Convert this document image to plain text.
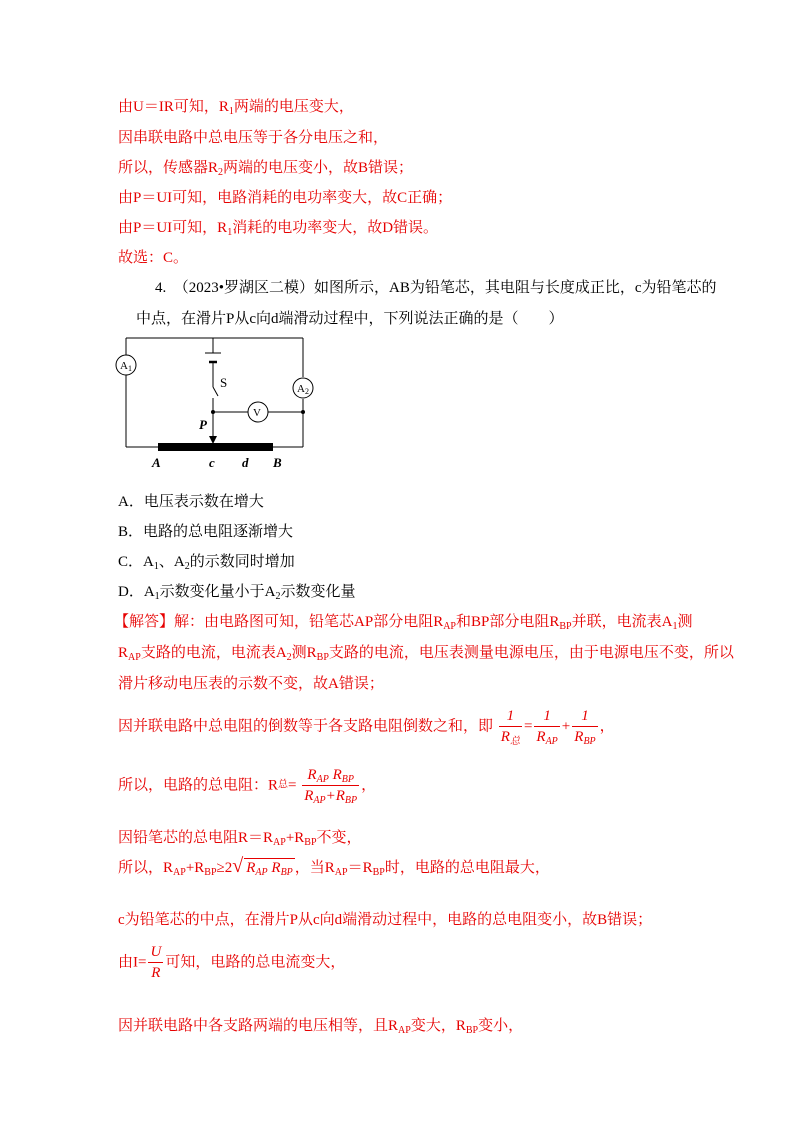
由U＝IR可知，$R_1$两端的电压变大，
因串联电路中总电压等于各分电压之和，
所以，传感器$R_2$两端的电压变小，故B错误；
由P＝UI可知，电路消耗的电功率变大，故C正确；
由P＝UI可知，$R_1$消耗的电功率变大，故D错误。
故选：C。
4. （2023•罗湖区二模）如图所示，AB为铅笔芯，其电阻与长度成正比，c为铅笔芯的
中点，在滑片P从c向d端滑动过程中，下列说法正确的是（　　）
A1
A2
V
S
P
A	c d B
A．电压表示数在增大
B．电路的总电阻逐渐增大
C．$A_1$、$A_2$的示数同时增加
D．$A_1$示数变化量小于$A_2$示数变化量
【解答】解：由电路图可知，铅笔芯AP部分电阻$R_{AP}$和BP部分电阻$R_{BP}$并联，电流表$A_1$测
$R_{AP}$支路的电流，电流表$A_2$测$R_{BP}$支路的电流，电压表测量电源电压，由于电源电压不变，所以
滑片移动电压表的示数不变，故A错误；
因并联电路中总电阻的倒数等于各支路电阻倒数之和，即 $\frac{1}{R_总} = \frac{1}{R_{AP}} + \frac{1}{R_{BP}}$ ，
所以，电路的总电阻：R总= $\frac{R_{AP} R_{BP}}{R_{AP}+R_{BP}}$ ，
因铅笔芯的总电阻$R=R_{AP}+R_{BP}$不变，
所以，$R_{AP}+R_{BP}\ge 2$ √ $R_{AP}$ $R_{BP}$ ，当$R_{AP}=R_{BP}$时，电路的总电阻最大，
c为铅笔芯的中点，在滑片P从c向d端滑动过程中，电路的总电阻变小，故B错误；
由$I= \frac{U}{R}$ 可知，电路的总电流变大，
因并联电路中各支路两端的电压相等，且$R_{AP}$变大，$R_{BP}$变小，
